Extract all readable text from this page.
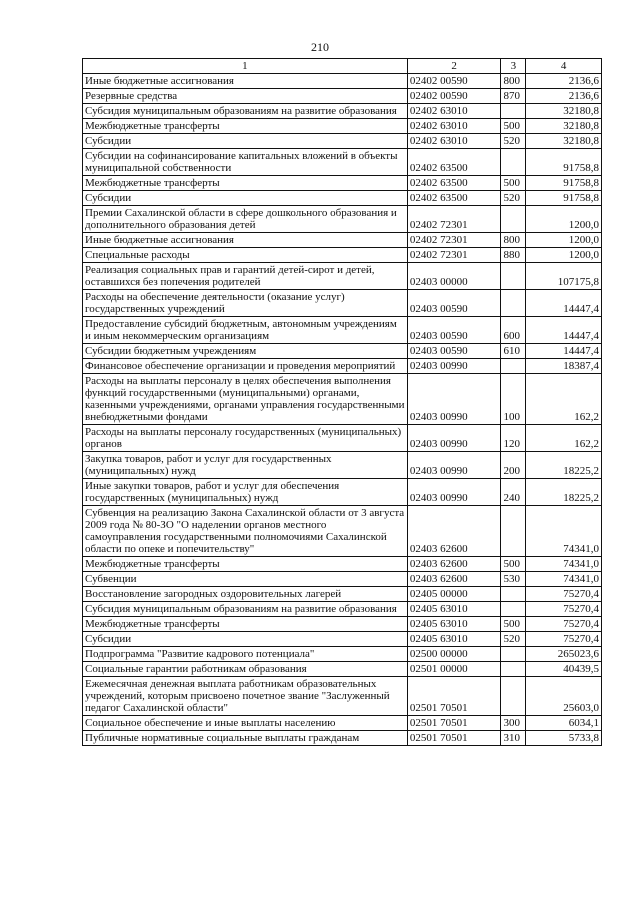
210
1	2	3	4
Иные бюджетные ассигнования	02402 00590	800	2136,6
Резервные средства	02402 00590	870	2136,6
Субсидия муниципальным образованиям на развитие образования	02402 63010		32180,8
Межбюджетные трансферты	02402 63010	500	32180,8
Субсидии	02402 63010	520	32180,8
Субсидии на софинансирование капитальных вложений в объекты муниципальной собственности	02402 63500		91758,8
Межбюджетные трансферты	02402 63500	500	91758,8
Субсидии	02402 63500	520	91758,8
Премии Сахалинской области в сфере дошкольного образования и дополнительного образования детей	02402 72301		1200,0
Иные бюджетные ассигнования	02402 72301	800	1200,0
Специальные расходы	02402 72301	880	1200,0
Реализация социальных прав и гарантий детей-сирот и детей, оставшихся без попечения родителей	02403 00000		107175,8
Расходы на обеспечение деятельности (оказание услуг) государственных учреждений	02403 00590		14447,4
Предоставление субсидий бюджетным, автономным учреждениям и иным некоммерческим организациям	02403 00590	600	14447,4
Субсидии бюджетным учреждениям	02403 00590	610	14447,4
Финансовое обеспечение организации и проведения мероприятий	02403 00990		18387,4
Расходы на выплаты персоналу в целях обеспечения выполнения функций государственными (муниципальными) органами, казенными учреждениями, органами управления государственными внебюджетными фондами	02403 00990	100	162,2
Расходы на выплаты персоналу государственных (муниципальных) органов	02403 00990	120	162,2
Закупка товаров, работ и услуг для государственных (муниципальных) нужд	02403 00990	200	18225,2
Иные закупки товаров, работ и услуг для обеспечения государственных (муниципальных) нужд	02403 00990	240	18225,2
Субвенция на реализацию Закона Сахалинской области от 3 августа 2009 года № 80-ЗО "О наделении органов местного самоуправления государственными полномочиями Сахалинской области по опеке и попечительству"	02403 62600		74341,0
Межбюджетные трансферты	02403 62600	500	74341,0
Субвенции	02403 62600	530	74341,0
Восстановление загородных оздоровительных лагерей	02405 00000		75270,4
Субсидия муниципальным образованиям на развитие образования	02405 63010		75270,4
Межбюджетные трансферты	02405 63010	500	75270,4
Субсидии	02405 63010	520	75270,4
Подпрограмма "Развитие кадрового потенциала"	02500 00000		265023,6
Социальные гарантии работникам образования	02501 00000		40439,5
Ежемесячная денежная выплата работникам образовательных учреждений, которым присвоено почетное звание "Заслуженный педагог Сахалинской области"	02501 70501		25603,0
Социальное обеспечение и иные выплаты населению	02501 70501	300	6034,1
Публичные нормативные социальные выплаты гражданам	02501 70501	310	5733,8
